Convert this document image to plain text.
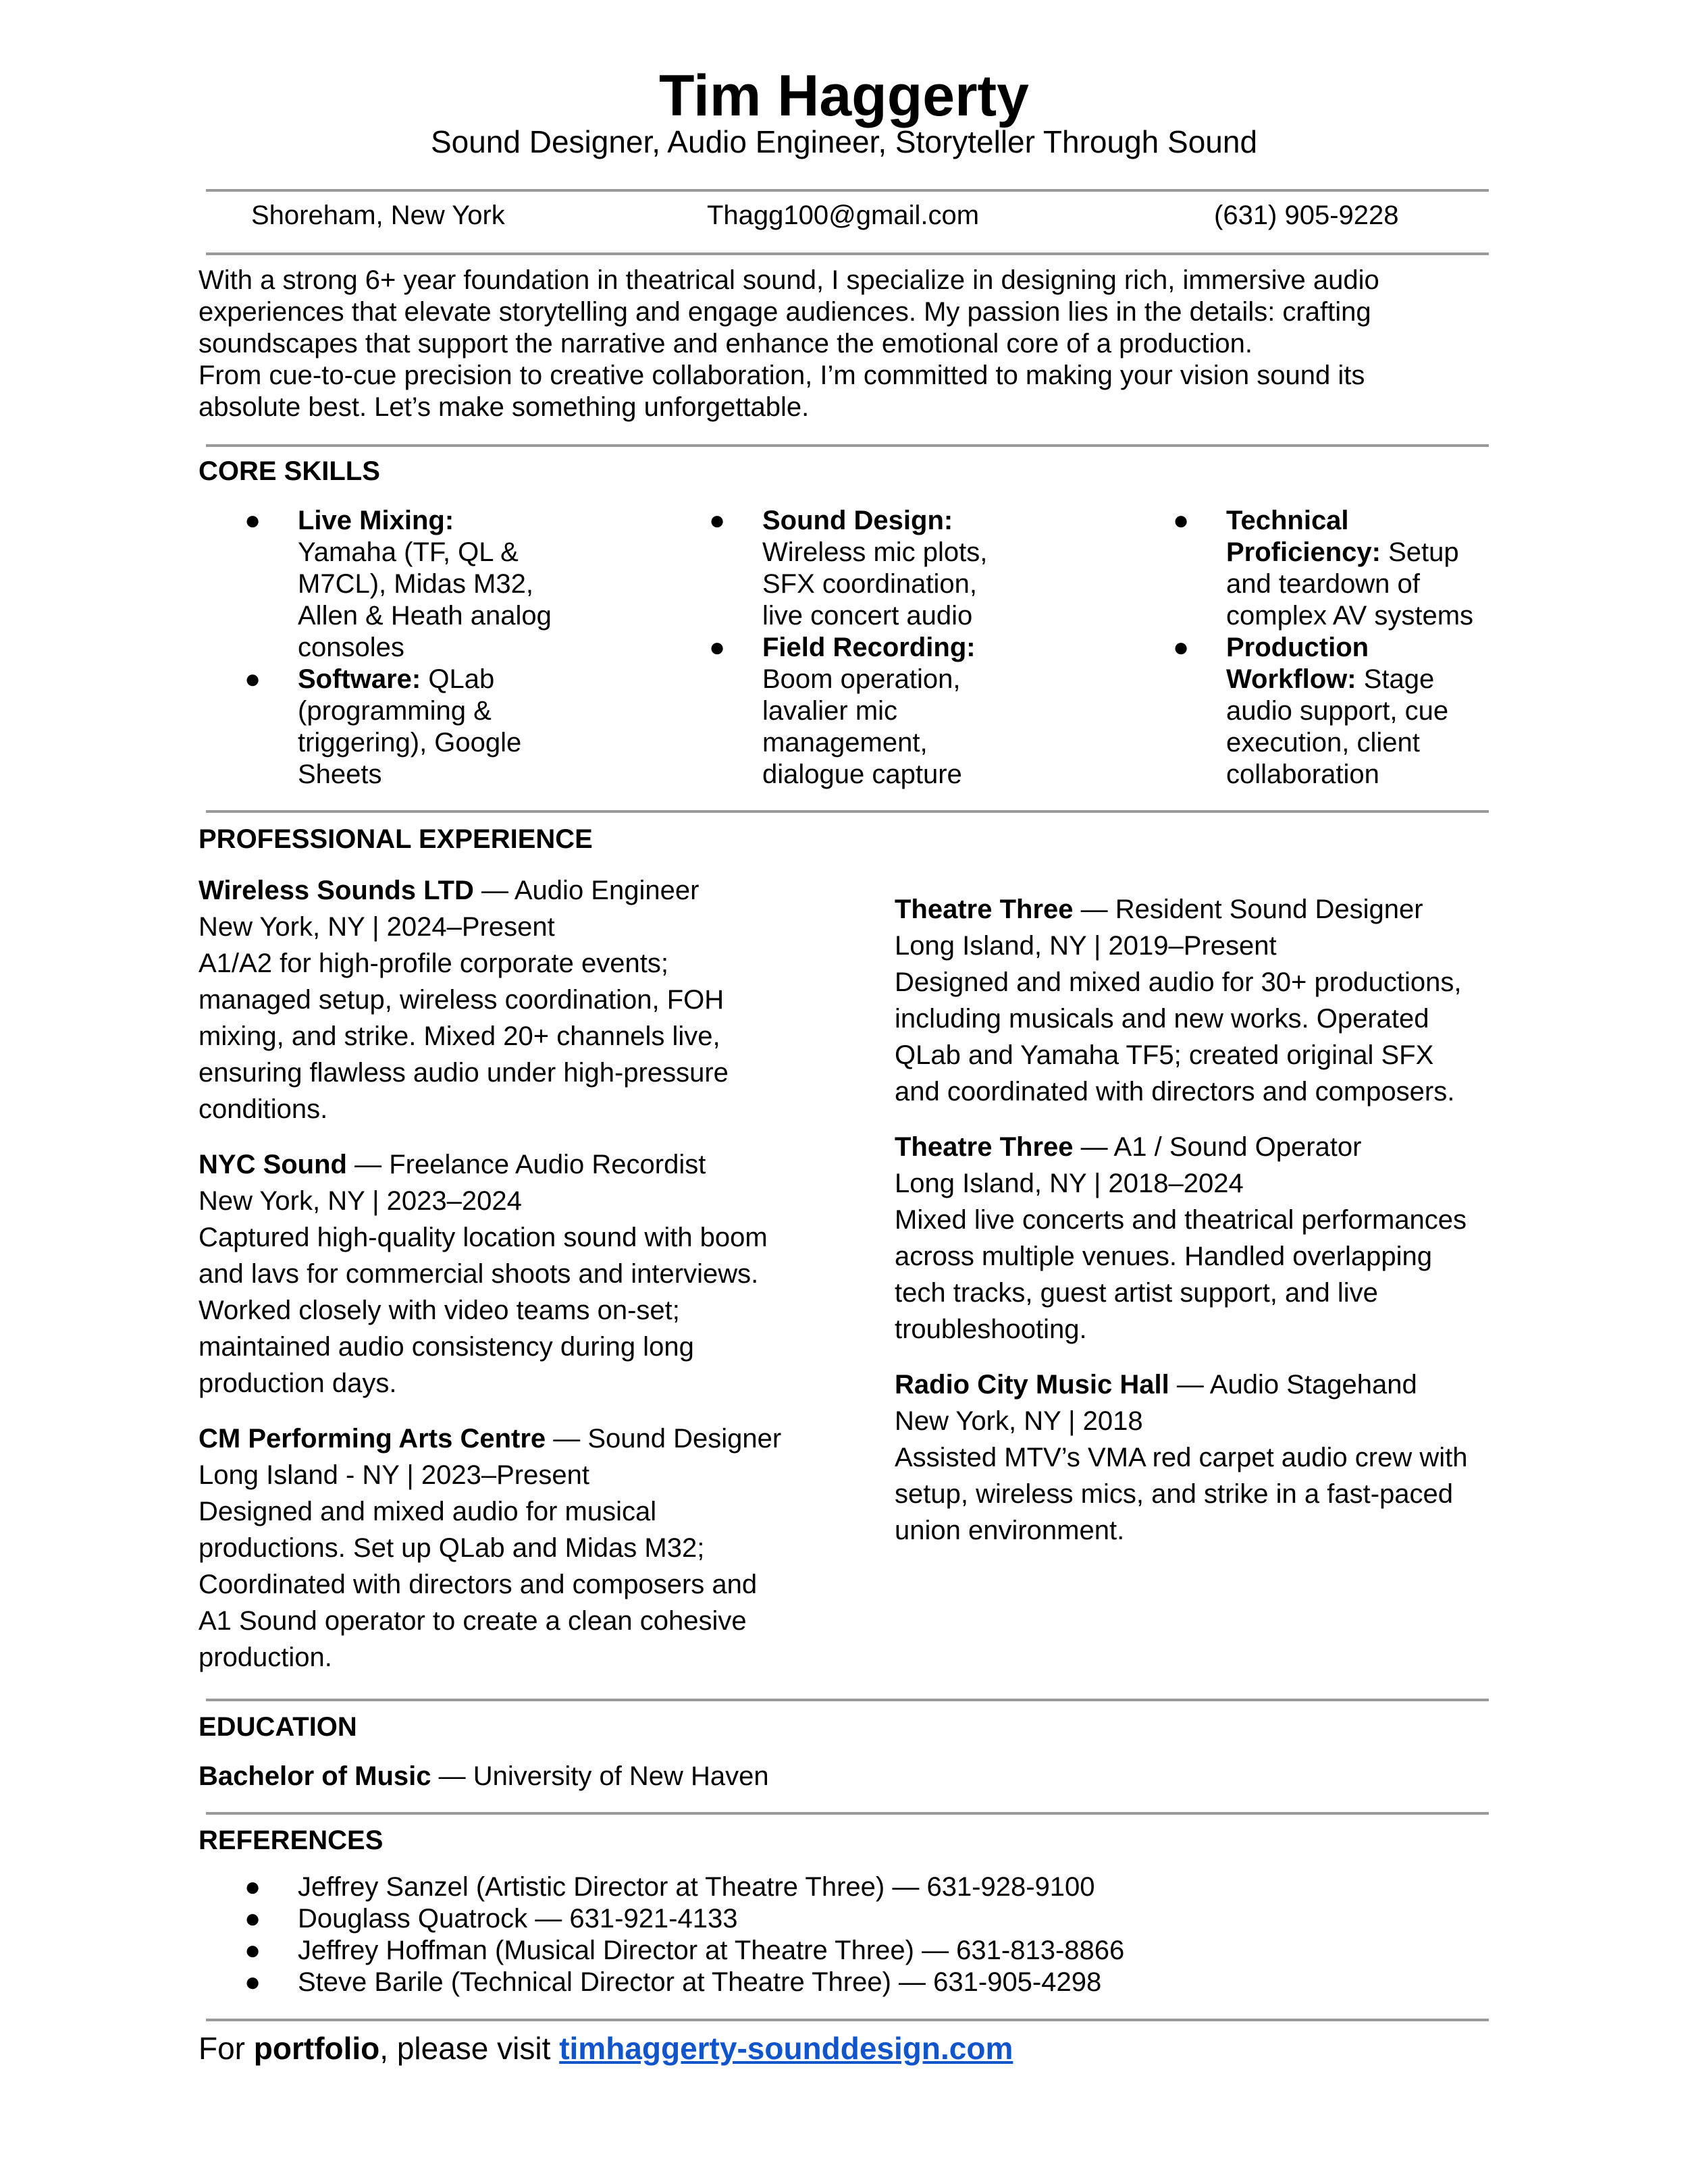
Tim Haggerty
Sound Designer, Audio Engineer, Storyteller Through Sound
Shoreham, New York	Thagg100@gmail.com	(631) 905-9228
With a strong 6+ year foundation in theatrical sound, I specialize in designing rich, immersive audio
experiences that elevate storytelling and engage audiences. My passion lies in the details: crafting
soundscapes that support the narrative and enhance the emotional core of a production.
From cue-to-cue precision to creative collaboration, I’m committed to making your vision sound its
absolute best. Let’s make something unforgettable.
CORE SKILLS
● Live Mixing:
Yamaha (TF, QL &
M7CL), Midas M32,
Allen & Heath analog
consoles
● Software: QLab
(programming &
triggering), Google
Sheets
● Sound Design:
Wireless mic plots,
SFX coordination,
live concert audio
● Field Recording:
Boom operation,
lavalier mic
management,
dialogue capture
● Technical
Proficiency: Setup
and teardown of
complex AV systems
● Production
Workflow: Stage
audio support, cue
execution, client
collaboration
PROFESSIONAL EXPERIENCE
Wireless Sounds LTD — Audio Engineer
New York, NY | 2024–Present
A1/A2 for high-profile corporate events;
managed setup, wireless coordination, FOH
mixing, and strike. Mixed 20+ channels live,
ensuring flawless audio under high-pressure
conditions.
NYC Sound — Freelance Audio Recordist
New York, NY | 2023–2024
Captured high-quality location sound with boom
and lavs for commercial shoots and interviews.
Worked closely with video teams on-set;
maintained audio consistency during long
production days.
CM Performing Arts Centre — Sound Designer
Long Island - NY | 2023–Present
Designed and mixed audio for musical
productions. Set up QLab and Midas M32;
Coordinated with directors and composers and
A1 Sound operator to create a clean cohesive
production.
Theatre Three — Resident Sound Designer
Long Island, NY | 2019–Present
Designed and mixed audio for 30+ productions,
including musicals and new works. Operated
QLab and Yamaha TF5; created original SFX
and coordinated with directors and composers.
Theatre Three — A1 / Sound Operator
Long Island, NY | 2018–2024
Mixed live concerts and theatrical performances
across multiple venues. Handled overlapping
tech tracks, guest artist support, and live
troubleshooting.
Radio City Music Hall — Audio Stagehand
New York, NY | 2018
Assisted MTV’s VMA red carpet audio crew with
setup, wireless mics, and strike in a fast-paced
union environment.
EDUCATION
Bachelor of Music — University of New Haven
REFERENCES
● Jeffrey Sanzel (Artistic Director at Theatre Three) — 631-928-9100
● Douglass Quatrock — 631-921-4133
● Jeffrey Hoffman (Musical Director at Theatre Three) — 631-813-8866
● Steve Barile (Technical Director at Theatre Three) — 631-905-4298
For portfolio, please visit timhaggerty-sounddesign.com
